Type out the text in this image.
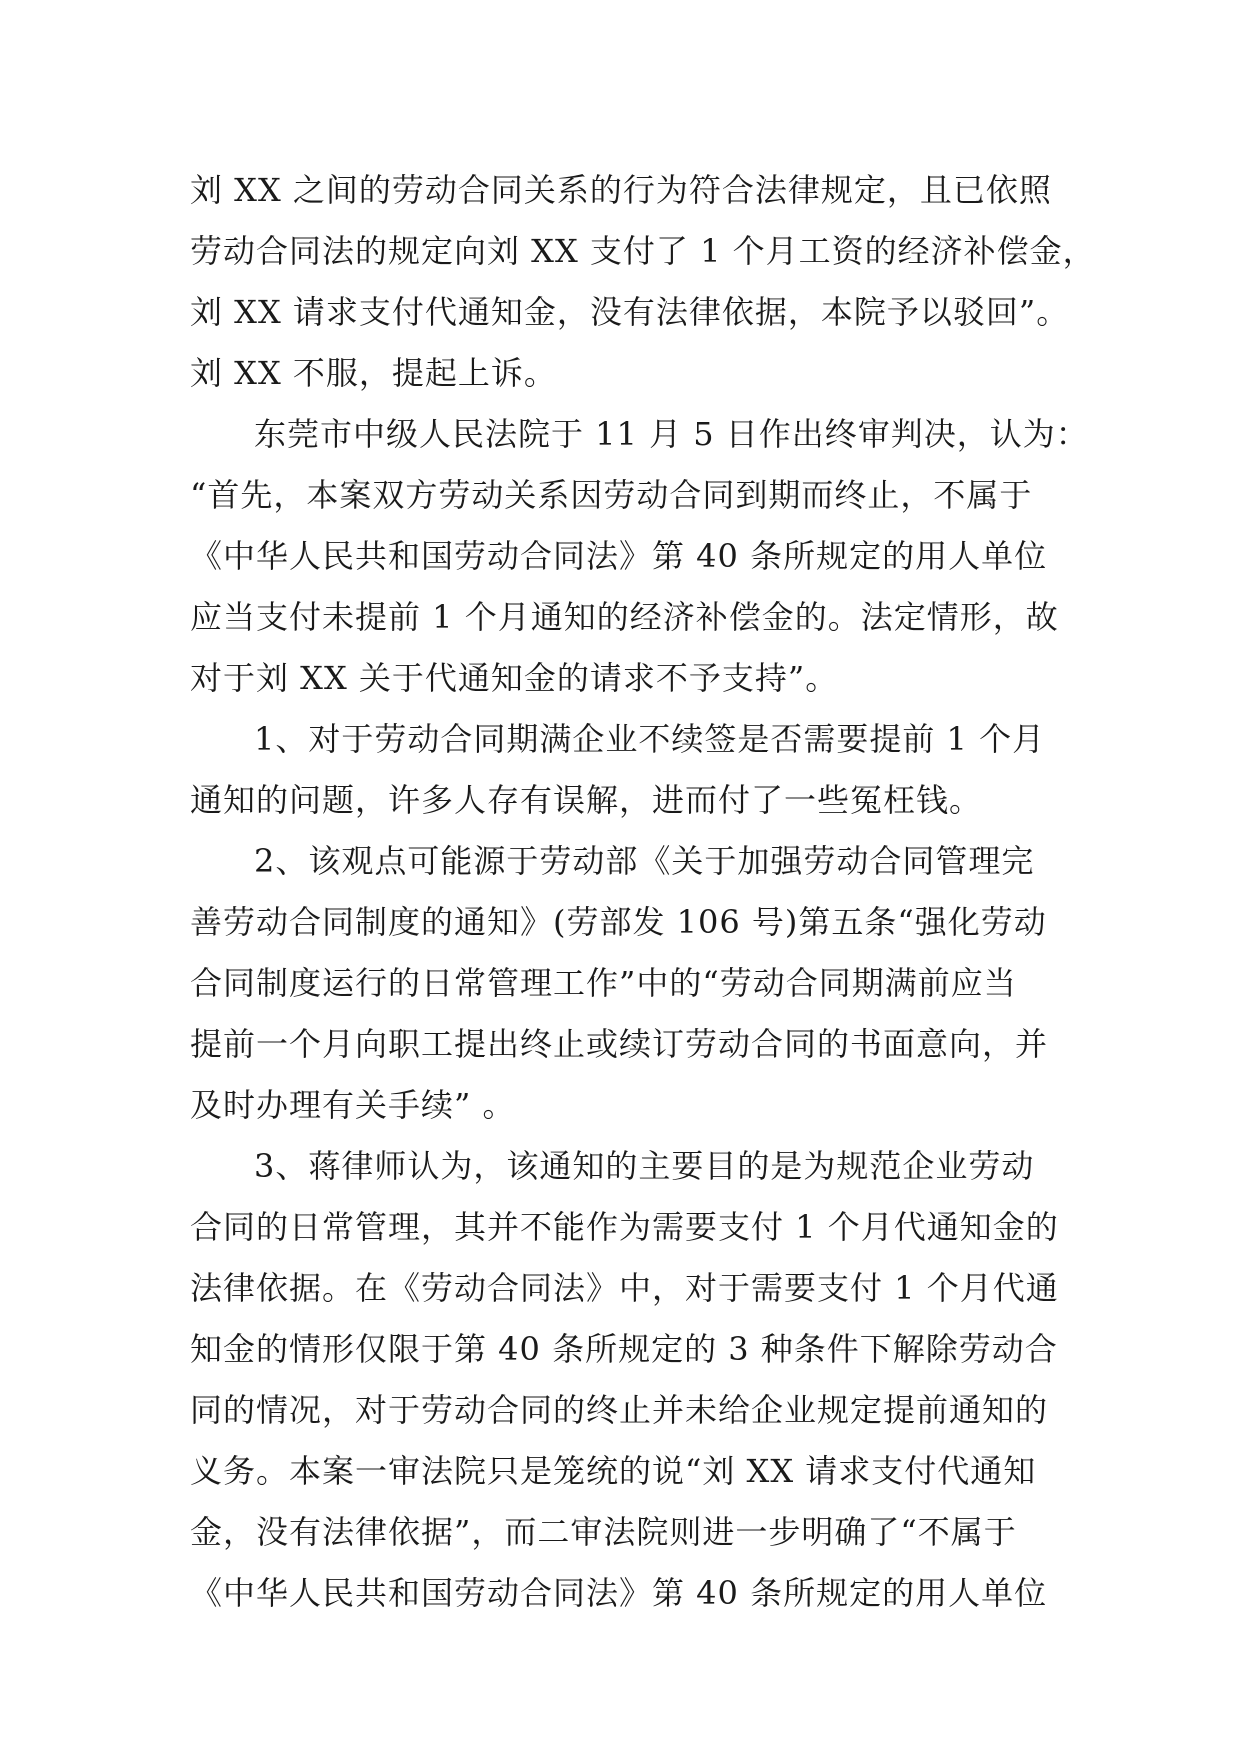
刘 XX 之间的劳动合同关系的行为符合法律规定，且已依照
劳动合同法的规定向刘 XX 支付了 1 个月工资的经济补偿金，
刘 XX 请求支付代通知金，没有法律依据，本院予以驳回”。
刘 XX 不服，提起上诉。
东莞市中级人民法院于 11 月 5 日作出终审判决，认为：
“首先，本案双方劳动关系因劳动合同到期而终止，不属于
《中华人民共和国劳动合同法》第 40 条所规定的用人单位
应当支付未提前 1 个月通知的经济补偿金的。法定情形，故
对于刘 XX 关于代通知金的请求不予支持”。
1、对于劳动合同期满企业不续签是否需要提前 1 个月
通知的问题，许多人存有误解，进而付了一些冤枉钱。
2、该观点可能源于劳动部《关于加强劳动合同管理完
善劳动合同制度的通知》(劳部发 106 号)第五条“强化劳动
合同制度运行的日常管理工作”中的“劳动合同期满前应当
提前一个月向职工提出终止或续订劳动合同的书面意向，并
及时办理有关手续” 。
3、蒋律师认为，该通知的主要目的是为规范企业劳动
合同的日常管理，其并不能作为需要支付 1 个月代通知金的
法律依据。在《劳动合同法》中，对于需要支付 1 个月代通
知金的情形仅限于第 40 条所规定的 3 种条件下解除劳动合
同的情况，对于劳动合同的终止并未给企业规定提前通知的
义务。本案一审法院只是笼统的说“刘 XX 请求支付代通知
金，没有法律依据”，而二审法院则进一步明确了“不属于
《中华人民共和国劳动合同法》第 40 条所规定的用人单位
